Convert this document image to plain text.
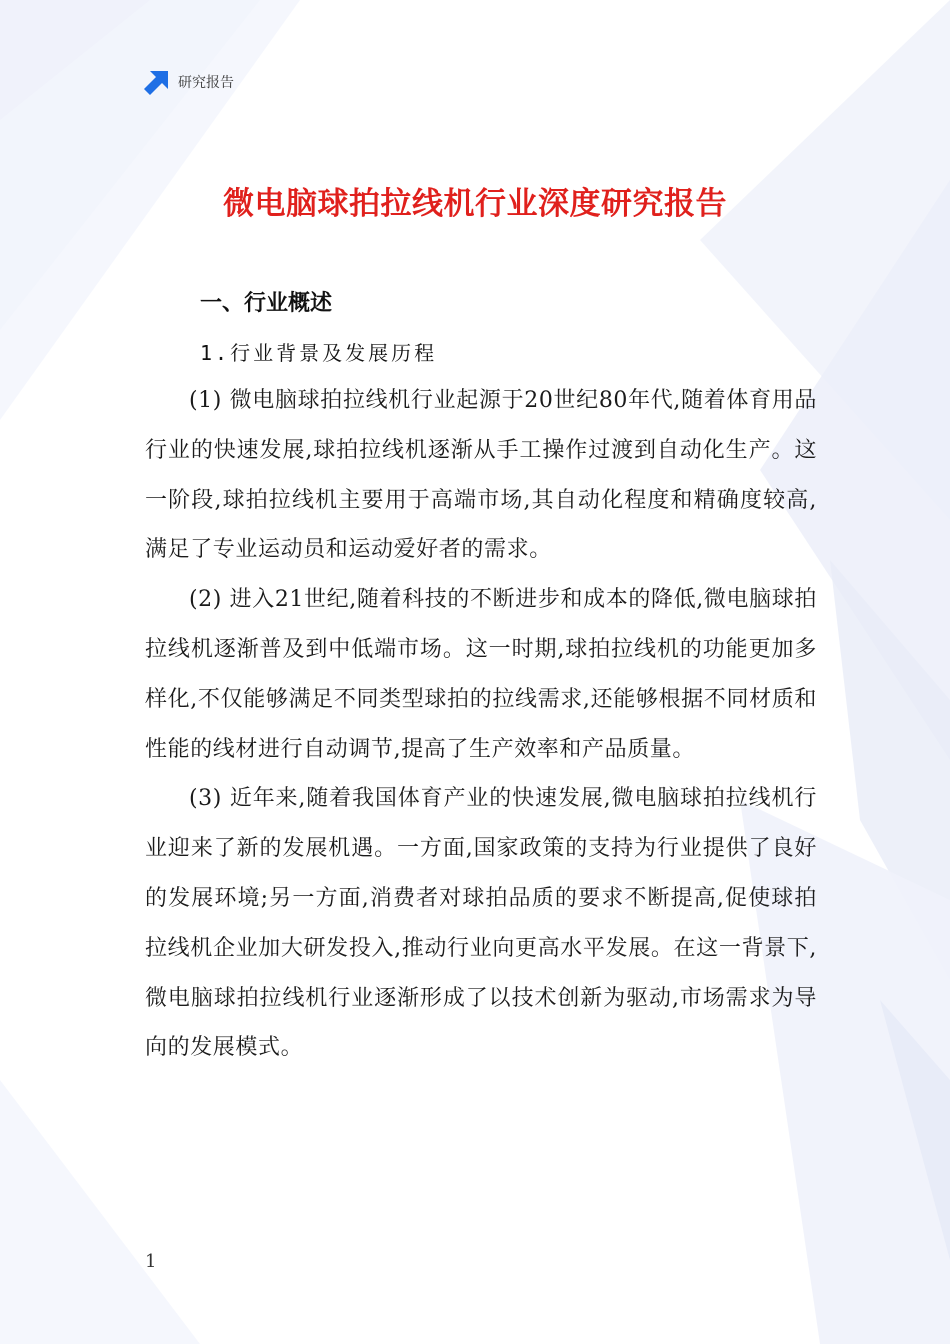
研究报告
微电脑球拍拉线机行业深度研究报告
一、行业概述
1.行业背景及发展历程

(1) 微电脑球拍拉线机行业起源于20世纪80年代,随着体育用品行业的快速发展,球拍拉线机逐渐从手工操作过渡到自动化生产。这一阶段,球拍拉线机主要用于高端市场,其自动化程度和精确度较高,满足了专业运动员和运动爱好者的需求。

(2) 进入21世纪,随着科技的不断进步和成本的降低,微电脑球拍拉线机逐渐普及到中低端市场。这一时期,球拍拉线机的功能更加多样化,不仅能够满足不同类型球拍的拉线需求,还能够根据不同材质和性能的线材进行自动调节,提高了生产效率和产品质量。

(3) 近年来,随着我国体育产业的快速发展,微电脑球拍拉线机行业迎来了新的发展机遇。一方面,国家政策的支持为行业提供了良好的发展环境;另一方面,消费者对球拍品质的要求不断提高,促使球拍拉线机企业加大研发投入,推动行业向更高水平发展。在这一背景下,微电脑球拍拉线机行业逐渐形成了以技术创新为驱动,市场需求为导向的发展模式。

1
